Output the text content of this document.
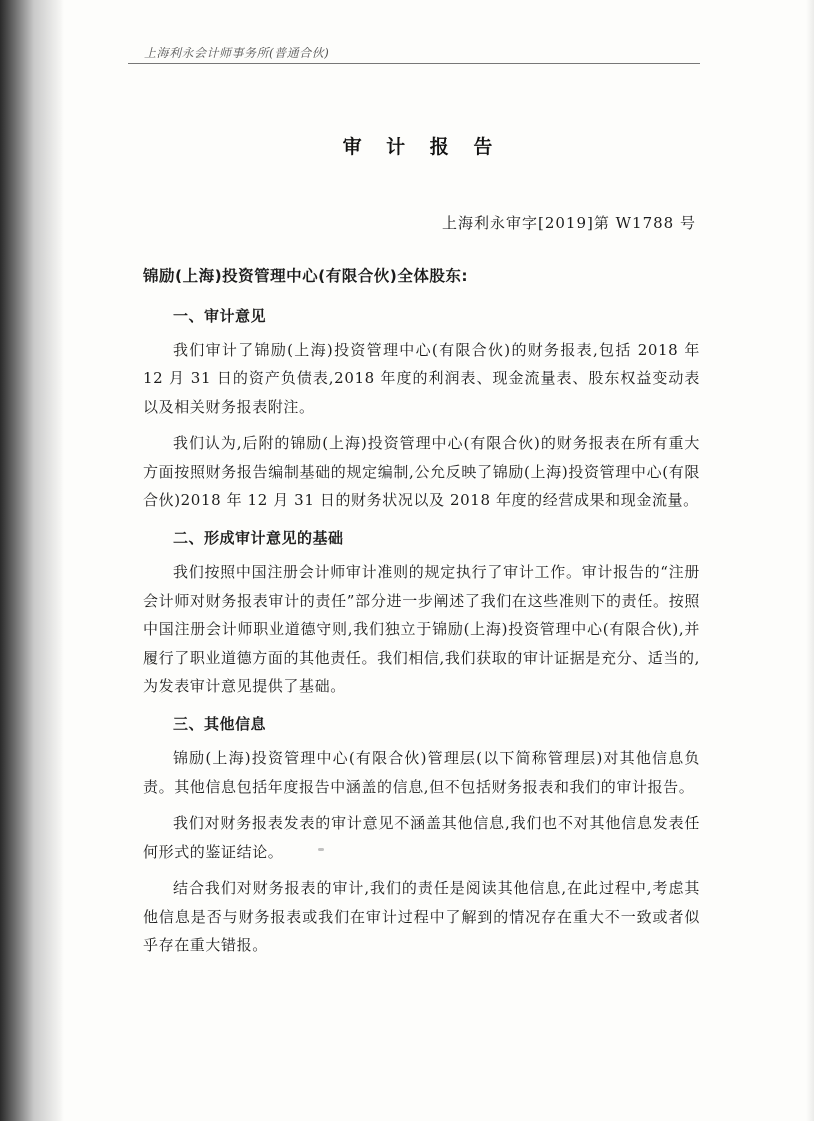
上海利永会计师事务所(普通合伙)
审 计 报 告
上海利永审字[2019]第 W1788 号
锦励(上海)投资管理中心(有限合伙)全体股东:
一、审计意见

我们审计了锦励(上海)投资管理中心(有限合伙)的财务报表,包括 2018 年 12 月 31 日的资产负债表,2018 年度的利润表、现金流量表、股东权益变动表以及相关财务报表附注。

我们认为,后附的锦励(上海)投资管理中心(有限合伙)的财务报表在所有重大方面按照财务报告编制基础的规定编制,公允反映了锦励(上海)投资管理中心(有限合伙)2018 年 12 月 31 日的财务状况以及 2018 年度的经营成果和现金流量。

二、形成审计意见的基础

我们按照中国注册会计师审计准则的规定执行了审计工作。审计报告的“注册会计师对财务报表审计的责任”部分进一步阐述了我们在这些准则下的责任。按照中国注册会计师职业道德守则,我们独立于锦励(上海)投资管理中心(有限合伙),并履行了职业道德方面的其他责任。我们相信,我们获取的审计证据是充分、适当的,为发表审计意见提供了基础。

三、其他信息

锦励(上海)投资管理中心(有限合伙)管理层(以下简称管理层)对其他信息负责。其他信息包括年度报告中涵盖的信息,但不包括财务报表和我们的审计报告。

我们对财务报表发表的审计意见不涵盖其他信息,我们也不对其他信息发表任何形式的鉴证结论。

结合我们对财务报表的审计,我们的责任是阅读其他信息,在此过程中,考虑其他信息是否与财务报表或我们在审计过程中了解到的情况存在重大不一致或者似乎存在重大错报。
